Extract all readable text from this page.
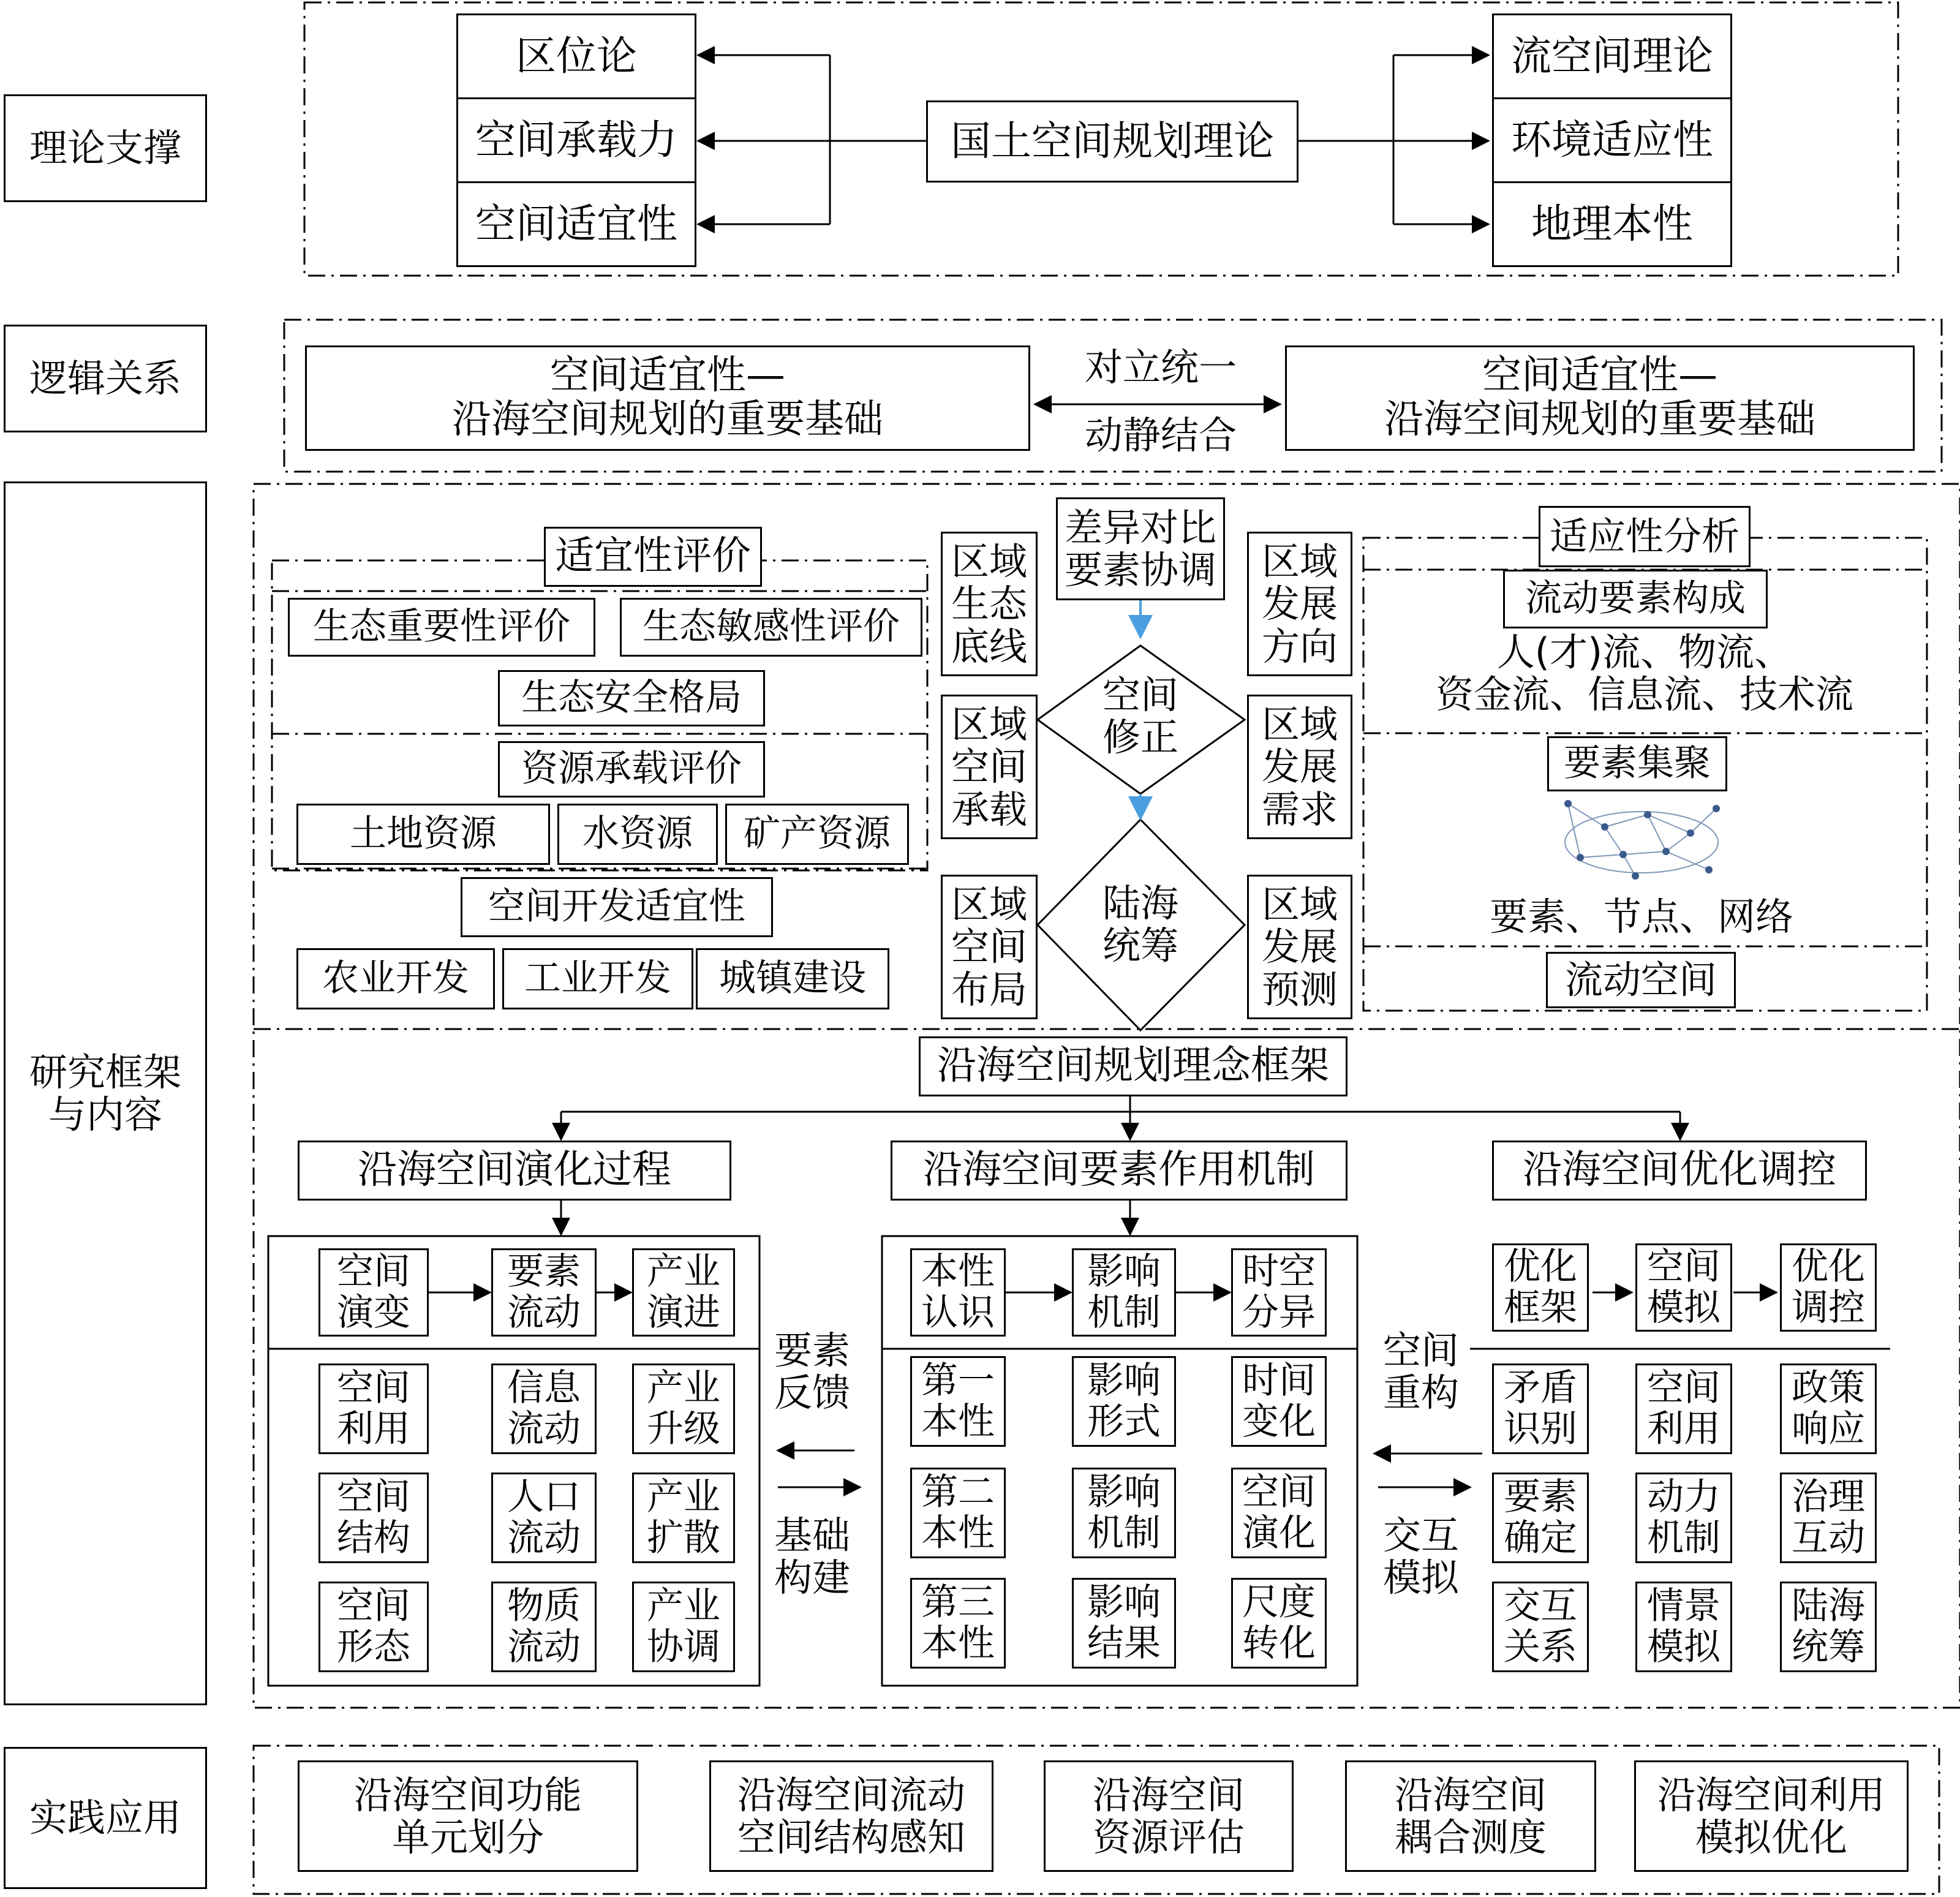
理论支撑
逻辑关系
研究框架
与内容
实践应用
区位论
空间承载力
空间适宜性
国土空间规划理论
流空间理论
环境适应性
地理本性
空间适宜性—
沿海空间规划的重要基础
空间适宜性—
沿海空间规划的重要基础
对立统一
动静结合
适宜性评价
生态重要性评价	生态敏感性评价
生态安全格局
资源承载评价
土地资源	水资源	矿产资源
空间开发适宜性
农业开发	工业开发	城镇建设
差异对比
要素协调
空间
修正
陆海
统筹
区域
生态
底线
区域
空间
承载
区域
空间
布局
区域
发展
方向
区域
发展
需求
区域
发展
预测
适应性分析
流动要素构成
人(才)流、物流、
资金流、信息流、技术流
要素集聚
要素、节点、网络
流动空间
沿海空间规划理念框架
沿海空间演化过程	沿海空间要素作用机制	沿海空间优化调控
空间
演变
要素
流动
产业
演进
空间
利用
信息
流动
产业
升级
空间
结构
人口
流动
产业
扩散
空间
形态
物质
流动
产业
协调
本性
认识
影响
机制
时空
分异
第一
本性
影响
形式
时间
变化
第二
本性
影响
机制
空间
演化
第三
本性
影响
结果
尺度
转化
优化
框架
空间
模拟
优化
调控
矛盾
识别
空间
利用
政策
响应
要素
确定
动力
机制
治理
互动
交互
关系
情景
模拟
陆海
统筹
要素
反馈
基础
构建
空间
重构
交互
模拟
沿海空间功能
单元划分
沿海空间流动
空间结构感知
沿海空间
资源评估
沿海空间
耦合测度
沿海空间利用
模拟优化
